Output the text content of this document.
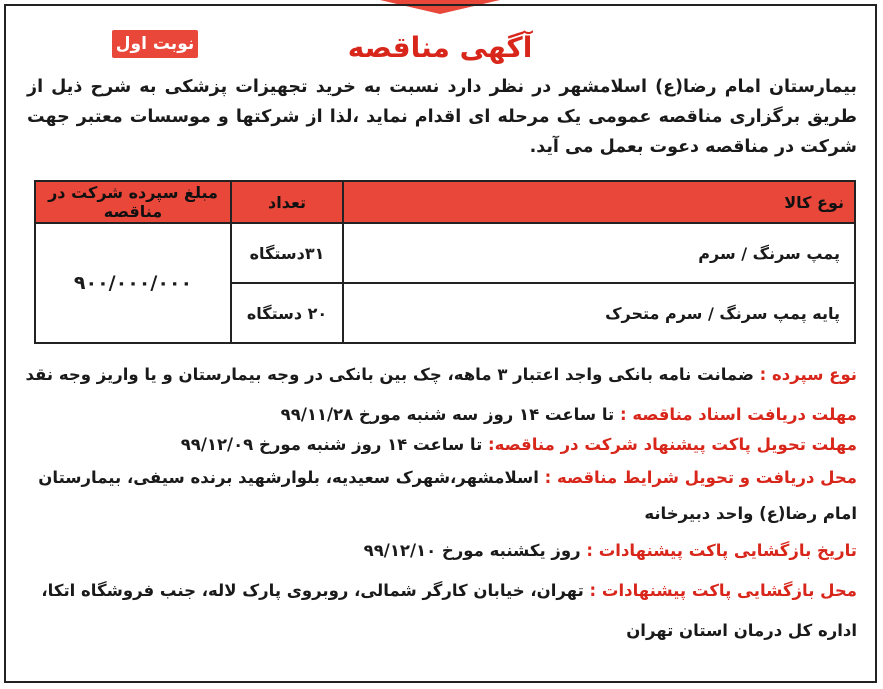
نوبت اول	آگهی مناقصه
بیمارستان امام رضا(ع) اسلامشهر در نظر دارد نسبت به خرید تجهیزات پزشکی به شرح ذیل از طریق برگزاری مناقصه عمومی یک مرحله ای اقدام نماید ،لذا از شرکتها و موسسات معتبر جهت شرکت در مناقصه دعوت بعمل می آید.
نوع کالا	تعداد	مبلغ سپرده شرکت در مناقصه
پمپ سرنگ / سرم	۳۱دستگاه	۹۰۰/۰۰۰/۰۰۰
پایه پمپ سرنگ / سرم متحرک	۲۰ دستگاه	
نوع سپرده : ضمانت نامه بانکی واجد اعتبار ۳ ماهه، چک بین بانکی در وجه بیمارستان و یا واریز وجه نقد
مهلت دریافت اسناد مناقصه : تا ساعت ۱۴ روز سه شنبه مورخ ۹۹/۱۱/۲۸
مهلت تحویل پاکت پیشنهاد شرکت در مناقصه: تا ساعت ۱۴ روز شنبه مورخ ۹۹/۱۲/۰۹
محل دریافت و تحویل شرایط مناقصه : اسلامشهر،شهرک سعیدیه، بلوارشهید برنده سیفی، بیمارستان امام رضا(ع) واحد دبیرخانه
تاریخ بازگشایی پاکت پیشنهادات : روز یکشنبه مورخ ۹۹/۱۲/۱۰
محل بازگشایی پاکت پیشنهادات : تهران، خیابان کارگر شمالی، روبروی پارک لاله، جنب فروشگاه اتکا،
اداره کل درمان استان تهران
